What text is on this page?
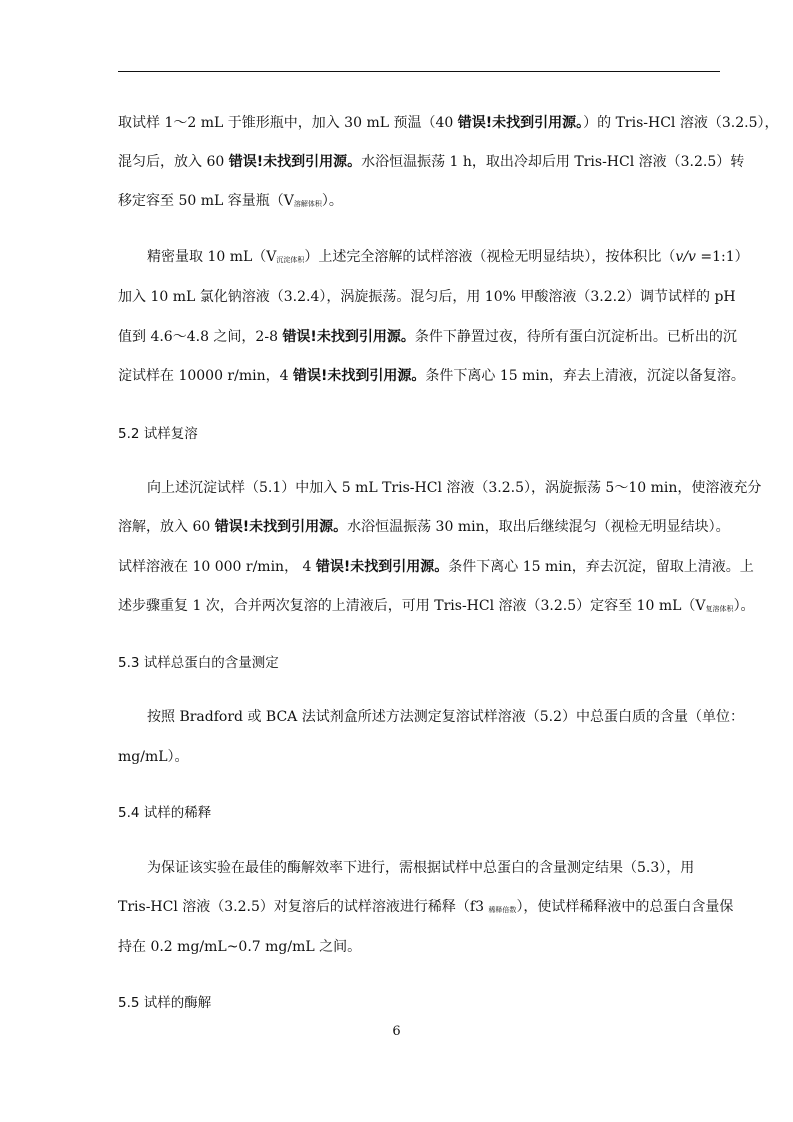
取试样 1～2 mL 于锥形瓶中，加入 30 mL 预温（40 错误!未找到引用源。）的 Tris-HCl 溶液（3.2.5），
混匀后，放入 60 错误!未找到引用源。水浴恒温振荡 1 h，取出冷却后用 Tris-HCl 溶液（3.2.5）转
移定容至 50 mL 容量瓶（V溶解体积）。
精密量取 10 mL（V沉淀体积）上述完全溶解的试样溶液（视检无明显结块），按体积比（v/v =1:1）
加入 10 mL 氯化钠溶液（3.2.4），涡旋振荡。混匀后，用 10% 甲酸溶液（3.2.2）调节试样的 pH
值到 4.6～4.8 之间，2-8 错误!未找到引用源。条件下静置过夜，待所有蛋白沉淀析出。已析出的沉
淀试样在 10000 r/min，4 错误!未找到引用源。条件下离心 15 min，弃去上清液，沉淀以备复溶。
5.2 试样复溶
向上述沉淀试样（5.1）中加入 5 mL Tris-HCl 溶液（3.2.5），涡旋振荡 5～10 min，使溶液充分
溶解，放入 60 错误!未找到引用源。水浴恒温振荡 30 min，取出后继续混匀（视检无明显结块）。
试样溶液在 10 000 r/min， 4 错误!未找到引用源。条件下离心 15 min，弃去沉淀，留取上清液。上
述步骤重复 1 次，合并两次复溶的上清液后，可用 Tris-HCl 溶液（3.2.5）定容至 10 mL（V复溶体积）。
5.3 试样总蛋白的含量测定
按照 Bradford 或 BCA 法试剂盒所述方法测定复溶试样溶液（5.2）中总蛋白质的含量（单位：
mg/mL）。
5.4 试样的稀释
为保证该实验在最佳的酶解效率下进行，需根据试样中总蛋白的含量测定结果（5.3），用
Tris-HCl 溶液（3.2.5）对复溶后的试样溶液进行稀释（f3 稀释倍数），使试样稀释液中的总蛋白含量保
持在 0.2 mg/mL~0.7 mg/mL 之间。
5.5 试样的酶解
6
